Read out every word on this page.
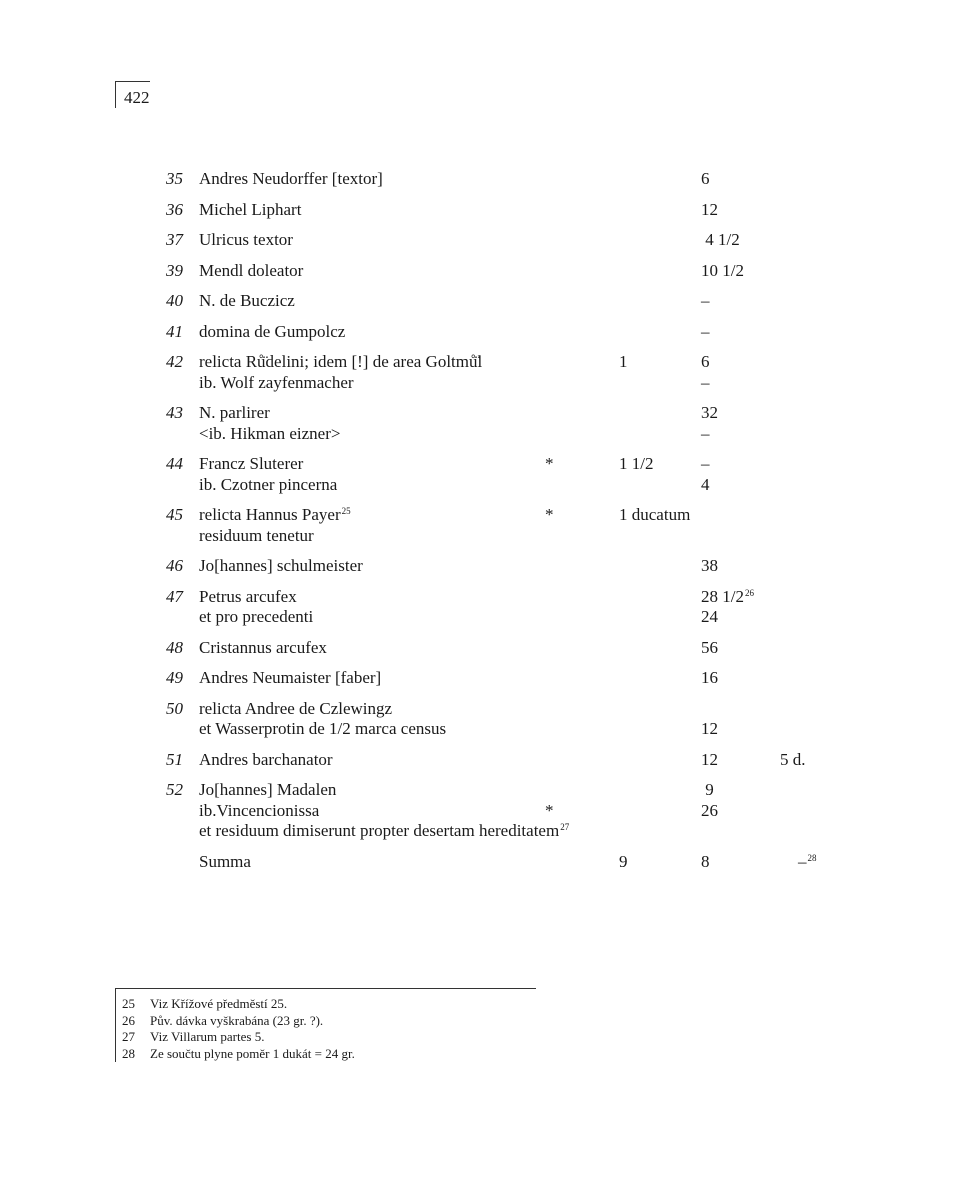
422
35 Andres Neudorffer [textor]	6
36 Michel Liphart	12
37 Ulricus textor	4 1/2
39 Mendl doleator	10 1/2
40 N. de Buczicz	–
41 domina de Gumpolcz	–
42 relicta Rů̈delini; idem [!] de area Goltmů̈l	1	6
ib. Wolf zayfenmacher	–
43 N. parlirer	32
<ib. Hikman eizner>	–
44 Francz Sluterer	*	1 1/2	–
ib. Czotner pincerna	4
45 relicta Hannus Payer$^{25}$	*	1 ducatum
residuum tenetur
46 Jo[hannes] schulmeister	38
47 Petrus arcufex	28 1/2$^{26}$
et pro precedenti	24
48 Cristannus arcufex	56
49 Andres Neumaister [faber]	16
50 relicta Andree de Czlewingz
et Wasserprotin de 1/2 marca census	12
51 Andres barchanator	12	5 d.
52 Jo[hannes] Madalen	9
ib.Vincencionissa	*	26
et residuum dimiserunt propter desertam hereditatem$^{27}$
Summa	9	8	–$^{28}$
25 Viz Křížové předměstí 25.
26 Pův. dávka vyškrabána (23 gr. ?).
27 Viz Villarum partes 5.
28 Ze součtu plyne poměr 1 dukát = 24 gr.
